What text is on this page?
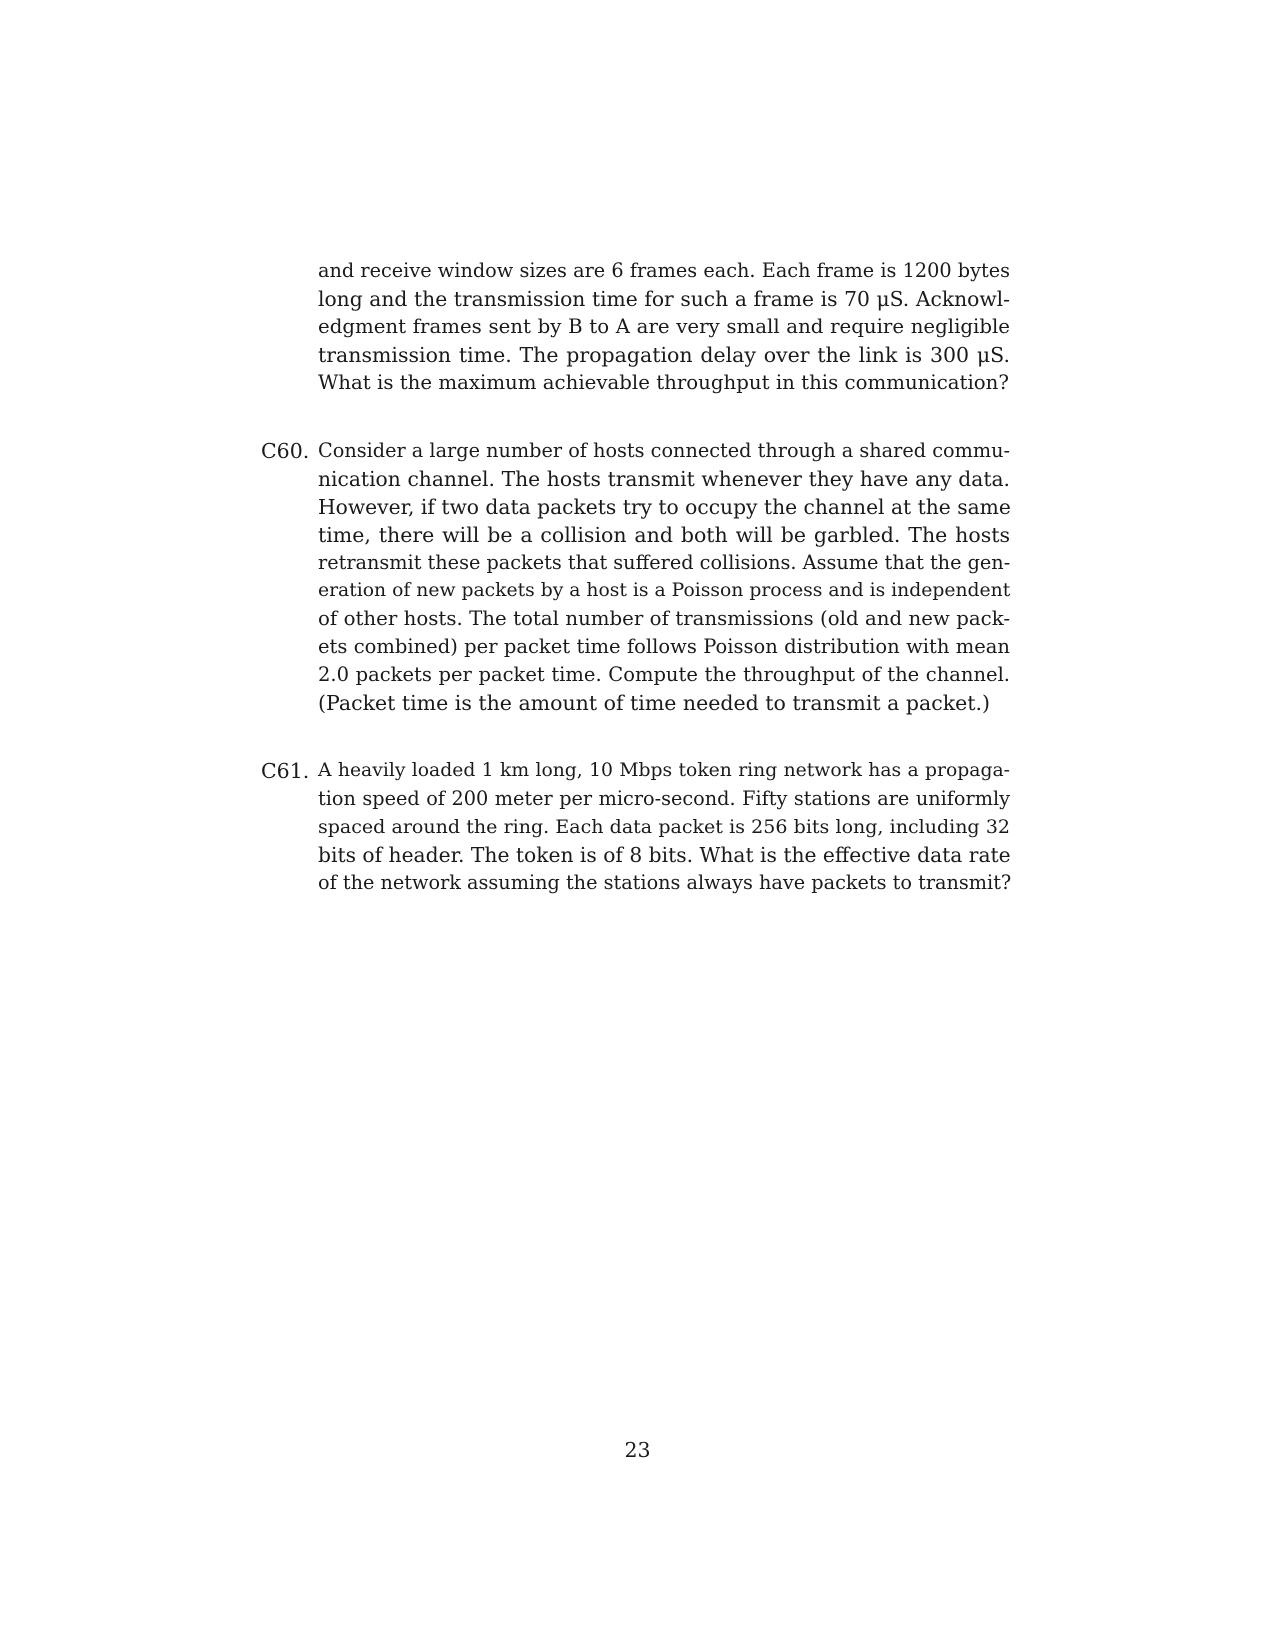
and receive window sizes are 6 frames each. Each frame is 1200 bytes
long and the transmission time for such a frame is 70 μS. Acknowl-
edgment frames sent by B to A are very small and require negligible
transmission time. The propagation delay over the link is 300 μS.
What is the maximum achievable throughput in this communication?
C60. Consider a large number of hosts connected through a shared commu-
nication channel. The hosts transmit whenever they have any data.
However, if two data packets try to occupy the channel at the same
time, there will be a collision and both will be garbled. The hosts
retransmit these packets that suffered collisions. Assume that the gen-
eration of new packets by a host is a Poisson process and is independent
of other hosts. The total number of transmissions (old and new pack-
ets combined) per packet time follows Poisson distribution with mean
2.0 packets per packet time. Compute the throughput of the channel.
(Packet time is the amount of time needed to transmit a packet.)
C61. A heavily loaded 1 km long, 10 Mbps token ring network has a propaga-
tion speed of 200 meter per micro-second. Fifty stations are uniformly
spaced around the ring. Each data packet is 256 bits long, including 32
bits of header. The token is of 8 bits. What is the effective data rate
of the network assuming the stations always have packets to transmit?
23
